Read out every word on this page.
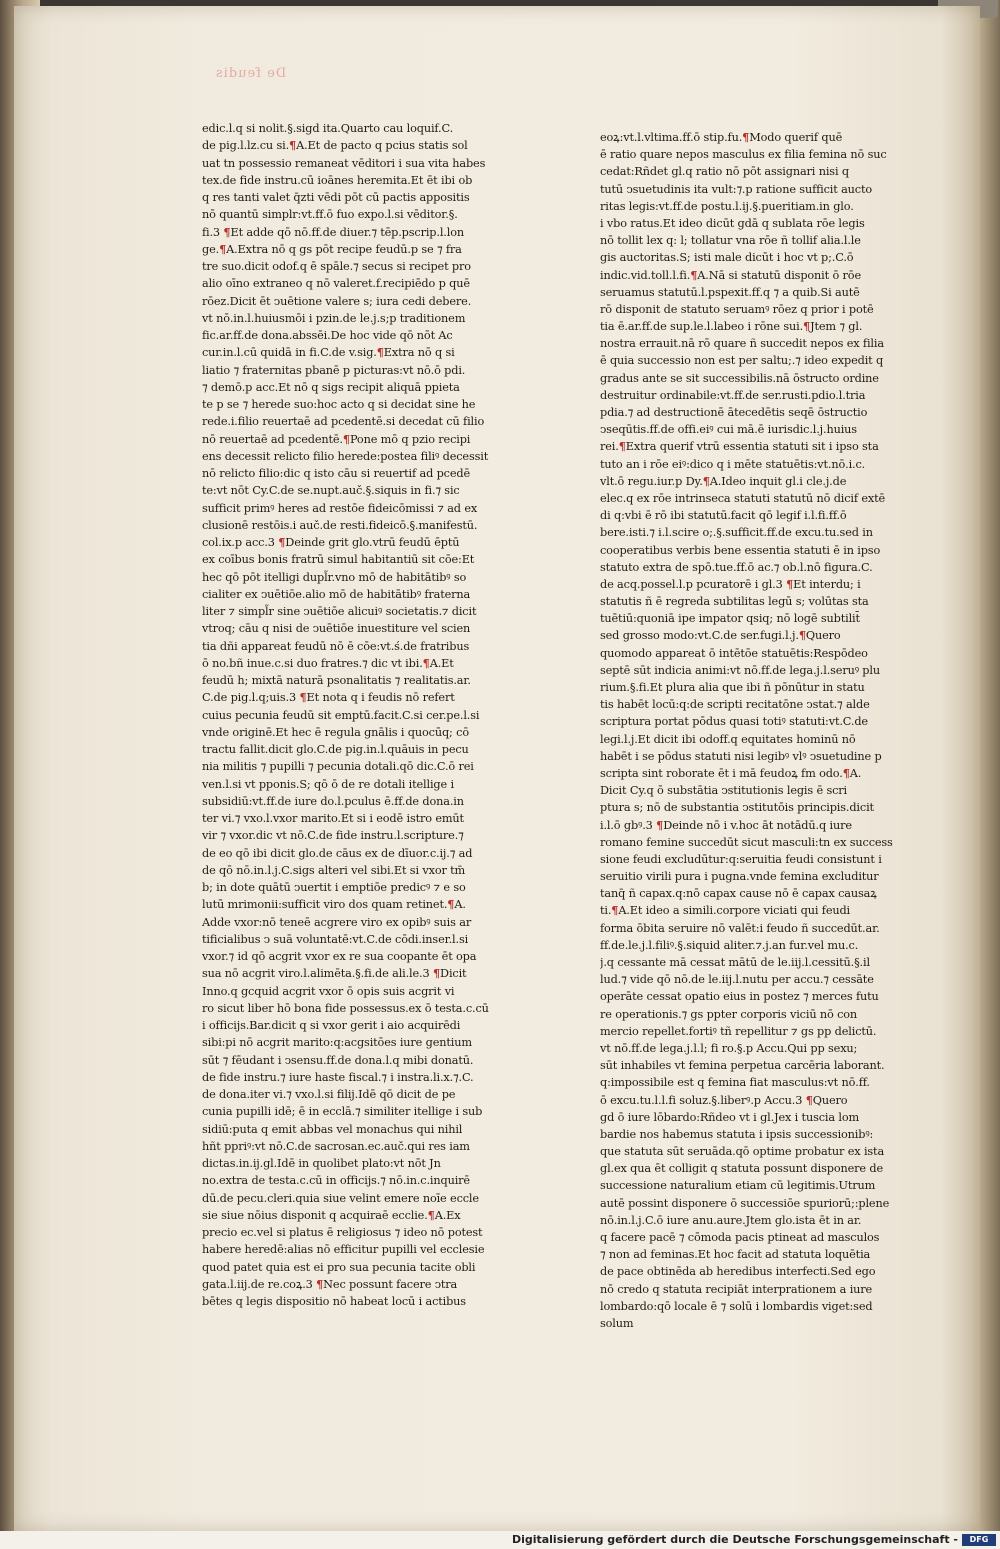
De feudis
edic.l.q si nolit.§.sigd ita.Quarto cau loquif.C.
de pig.l.lz.cu si.¶A.Et de pacto q pcius statis sol
uat tn possessio remaneat vēditori i sua vita habes
tex.de fide instru.cū ioānes heremita.Et ēt ibi ob
q res tanti valet q̄zti vēdi pōt cū pactis appositis
nō quantū simplr:vt.ff.ō fuo expo.l.si vēditor.§.
fi.3 ¶Et adde qō nō.ff.de diuer.⁊ tēp.pscrip.l.lon
ge.¶A.Extra nō q gs pōt recipe feudū.p se ⁊ fra
tre suo.dicit odof.q ē spāle.⁊ secus si recipet pro
alio oīno extraneo q nō valeret.f.recipiēdo p quē
rōez.Dicit ēt ↄuētione valere s; iura cedi debere.
vt nō.in.l.huiusmōi i pzin.de le.j.s;p traditionem
fic.ar.ff.de dona.abssēi.De hoc vide qō nōt Ac
cur.in.l.cū quidā in fi.C.de v.sig.¶Extra nō q si
liatio ⁊ fraternitas pbanē p picturas:vt nō.ō pdi.
⁊ demō.p acc.Et nō q sigs recipit aliquā ppieta
te p se ⁊ herede suo:hoc acto q si decidat sine he
rede.i.filio reuertaē ad pcedentē.si decedat cū filio
nō reuertaē ad pcedentē.¶Pone mō q pzio recipi
ens decessit relicto filio herede:postea filiꝰ decessit
nō relicto filio:dic q isto cāu si reuertif ad pcedē
te:vt nōt Cy.C.de se.nupt.auč.§.siquis in fi.⁊ sic
sufficit primꝰ heres ad restōe fideicōmissi ⁊ ad ex
clusionē restōis.i auč.de resti.fideicō.§.manifestū.
col.ix.p acc.3 ¶Deinde grit glo.vtrū feudū ēptū
ex coībus bonis fratrū simul habitantiū sit cōe:Et
hec qō pōt itelligi dupl̃r.vno mō de habitātibꝰ so
cialiter ex ↄuētiōe.alio mō de habitātibꝰ fraterna
liter ⁊ simpl̃r sine ↄuētiōe alicuiꝰ societatis.⁊ dicit
vtroq; cāu q nisi de ↄuētiōe inuestiture vel scien
tia dñi appareat feudū nō ē cōe:vt.ś.de fratribus
ō no.bñ inue.c.si duo fratres.⁊ dic vt ibi.¶A.Et
feudū h; mixtā naturā psonalitatis ⁊ realitatis.ar.
C.de pig.l.q;uis.3 ¶Et nota q i feudis nō refert
cuius pecunia feudū sit emptū.facit.C.si cer.pe.l.si
vnde originē.Et hec ē regula gnālis i quocūq; cō
tractu fallit.dicit glo.C.de pig.in.l.quāuis in pecu
nia militis ⁊ pupilli ⁊ pecunia dotali.qō dic.C.ō rei
ven.l.si vt pponis.S; qō ō de re dotali itellige i
subsidiū:vt.ff.de iure do.l.pculus ē.ff.de dona.in
ter vi.⁊ vxo.l.vxor marito.Et si i eodē istro emūt
vir ⁊ vxor.dic vt nō.C.de fide instru.l.scripture.⁊
de eo qō ibi dicit glo.de cāus ex de dīuor.c.ij.⁊ ad
de qō nō.in.l.j.C.sigs alteri vel sibi.Et si vxor tm̄
b; in dote quātū ↄuertit i emptiōe predicꝰ ⁊ e so
lutū mrimonii:sufficit viro dos quam retinet.¶A.
Adde vxor:nō teneē acgrere viro ex opibꝰ suis ar
tificialibus ↄ suā voluntatē:vt.C.de cōdi.inser.l.si
vxor.⁊ id qō acgrit vxor ex re sua coopante ēt opa
sua nō acgrit viro.l.alimēta.§.fi.de ali.le.3 ¶Dicit
Inno.q gcquid acgrit vxor ō opis suis acgrit vi
ro sicut liber hō bona fide possessus.ex ō testa.c.cū
i officijs.Bar.dicit q si vxor gerit i aio acquirēdi
sibi:pi nō acgrit marito:q:acgsitōes iure gentium
sūt ⁊ fēudant i ↄsensu.ff.de dona.l.q mibi donatū.
de fide instru.⁊ iure haste fiscal.⁊ i instra.li.x.⁊.C.
de dona.iter vi.⁊ vxo.l.si filij.Idē qō dicit de pe
cunia pupilli idē; ē in ecclā.⁊ similiter itellige i sub
sidiū:puta q emit abbas vel monachus qui nihil
hñt ppriꝰ:vt nō.C.de sacrosan.ec.auč.qui res iam
dictas.in.ij.gl.Idē in quolibet plato:vt nōt Jn
no.extra de testa.c.cū in officijs.⁊ nō.in.c.inquirē
dū.de pecu.cleri.quia siue velint emere noīe eccle
sie siue nōius disponit q acquiraē ecclie.¶A.Ex
precio ec.vel si platus ē religiosus ⁊ ideo nō potest
habere heredē:alias nō efficitur pupilli vel ecclesie
quod patet quia est ei pro sua pecunia tacite obli
gata.l.iij.de re.coꝝ.3 ¶Nec possunt facere ↄtra
bētes q legis dispositio nō habeat locū i actibus
eoꝝ:vt.l.vltima.ff.ō stip.fu.¶Modo querif quē
ē ratio quare nepos masculus ex filia femina nō suc
cedat:Rñdet gl.q ratio nō pōt assignari nisi q
tutū ↄsuetudinis ita vult:⁊.p ratione sufficit aucto
ritas legis:vt.ff.de postu.l.ij.§.pueritiam.in glo.
i vbo ratus.Et ideo dicūt gdā q sublata rōe legis
nō tollit lex q: l; tollatur vna rōe ñ tollif alia.l.le
gis auctoritas.S; isti male dicūt i hoc vt p;.C.ō
indic.vid.toll.l.fi.¶A.Nā si statutū disponit ō rōe
seruamus statutū.l.pspexit.ff.q ⁊ a quib.Si autē
rō disponit de statuto seruamꝰ rōez q prior i potē
tia ē.ar.ff.de sup.le.l.labeo i rōne sui.¶Jtem ⁊ gl.
nostra errauit.nā rō quare ñ succedit nepos ex filia
ē quia successio non est per saltu;.⁊ ideo expedit q
gradus ante se sit successibilis.nā ōstructo ordine
destruitur ordinabile:vt.ff.de ser.rusti.pdio.l.tria
pdia.⁊ ad destructionē ātecedētis seqē ōstructio
ↄseqūtis.ff.de offi.eiꝰ cui mā.ē iurisdic.l.j.huius
rei.¶Extra querif vtrū essentia statuti sit i ipso sta
tuto an i rōe eiꝰ:dico q i mēte statuētis:vt.nō.i.c.
vlt.ō regu.iur.p Dy.¶A.Ideo inquit gl.i cle.j.de
elec.q ex rōe intrinseca statuti statutū nō dicif extē
di q:vbi ē rō ibi statutū.facit qō legif i.l.fi.ff.ō
bere.isti.⁊ i.l.scire o;.§.sufficit.ff.de excu.tu.sed in
cooperatibus verbis bene essentia statuti ē in ipso
statuto extra de spō.tue.ff.ō ac.⁊ ob.l.nō figura.C.
de acq.possel.l.p pcuratorē i gl.3 ¶Et interdu; i
statutis ñ ē regreda subtilitas legū s; volūtas sta
tuētiū:quoniā ipe impator qsiq; nō logē subtilit̄
sed grosso modo:vt.C.de ser.fugi.l.j.¶Quero
quomodo appareat ō intētōe statuētis:Respōdeo
septē sūt indicia animi:vt nō.ff.de lega.j.l.seruꝰ plu
rium.§.fi.Et plura alia que ibi ñ pōnūtur in statu
tis habēt locū:q:de scripti recitatōne ↄstat.⁊ alde
scriptura portat pōdus quasi totiꝰ statuti:vt.C.de
legi.l.j.Et dicit ibi odoff.q equitates hominū nō
habēt i se pōdus statuti nisi legibꝰ vlꝰ ↄsuetudine p
scripta sint roborate ēt i mā feudoꝝ fm odo.¶A.
Dicit Cy.q ō substātia ↄstitutionis legis ē scri
ptura s; nō de substantia ↄstitutōis principis.dicit
i.l.ō gbꝰ.3 ¶Deinde nō i v.hoc āt notādū.q iure
romano femine succedūt sicut masculi:tn ex success
sione feudi excludūtur:q:seruitia feudi consistunt i
seruitio virili pura i pugna.vnde femina excluditur
tanq̄ ñ capax.q:nō capax cause nō ē capax causaꝝ
ti.¶A.Et ideo a simili.corpore viciati qui feudi
forma ōbita seruire nō valēt:i feudo ñ succedūt.ar.
ff.de.le.j.l.filiꝰ.§.siquid aliter.⁊.j.an fur.vel mu.c.
j.q cessante mā cessat mātū de le.iij.l.cessitū.§.il
lud.⁊ vide qō nō.de le.iij.l.nutu per accu.⁊ cessāte
operāte cessat opatio eius in postez ⁊ merces futu
re operationis.⁊ gs ppter corporis viciū nō con
mercio repellet.fortiꝰ tñ repellitur ⁊ gs pp delictū.
vt nō.ff.de lega.j.l.l; fi ro.§.p Accu.Qui pp sexu;
sūt inhabiles vt femina perpetua carcēria laborant.
q:impossibile est q femina fiat masculus:vt nō.ff.
ō excu.tu.l.l.fi soluz.§.liberꝰ.p Accu.3 ¶Quero
gd ō iure lōbardo:Rñdeo vt i gl.Jex i tuscia lom
bardie nos habemus statuta i ipsis successionibꝰ:
que statuta sūt seruāda.qō optime probatur ex ista
gl.ex qua ēt colligit q statuta possunt disponere de
successione naturalium etiam cū legitimis.Utrum
autē possint disponere ō successiōe spuriorū;:plene
nō.in.l.j.C.ō iure anu.aure.Jtem glo.ista ēt in ar.
q facere pacē ⁊ cōmoda pacis ptineat ad masculos
⁊ non ad feminas.Et hoc facit ad statuta loquētia
de pace obtinēda ab heredibus interfecti.Sed ego
nō credo q statuta recipiāt interprationem a iure
lombardo:qō locale ē ⁊ solū i lombardis viget:sed
solum
Digitalisierung gefördert durch die Deutsche Forschungsgemeinschaft -	DFG
